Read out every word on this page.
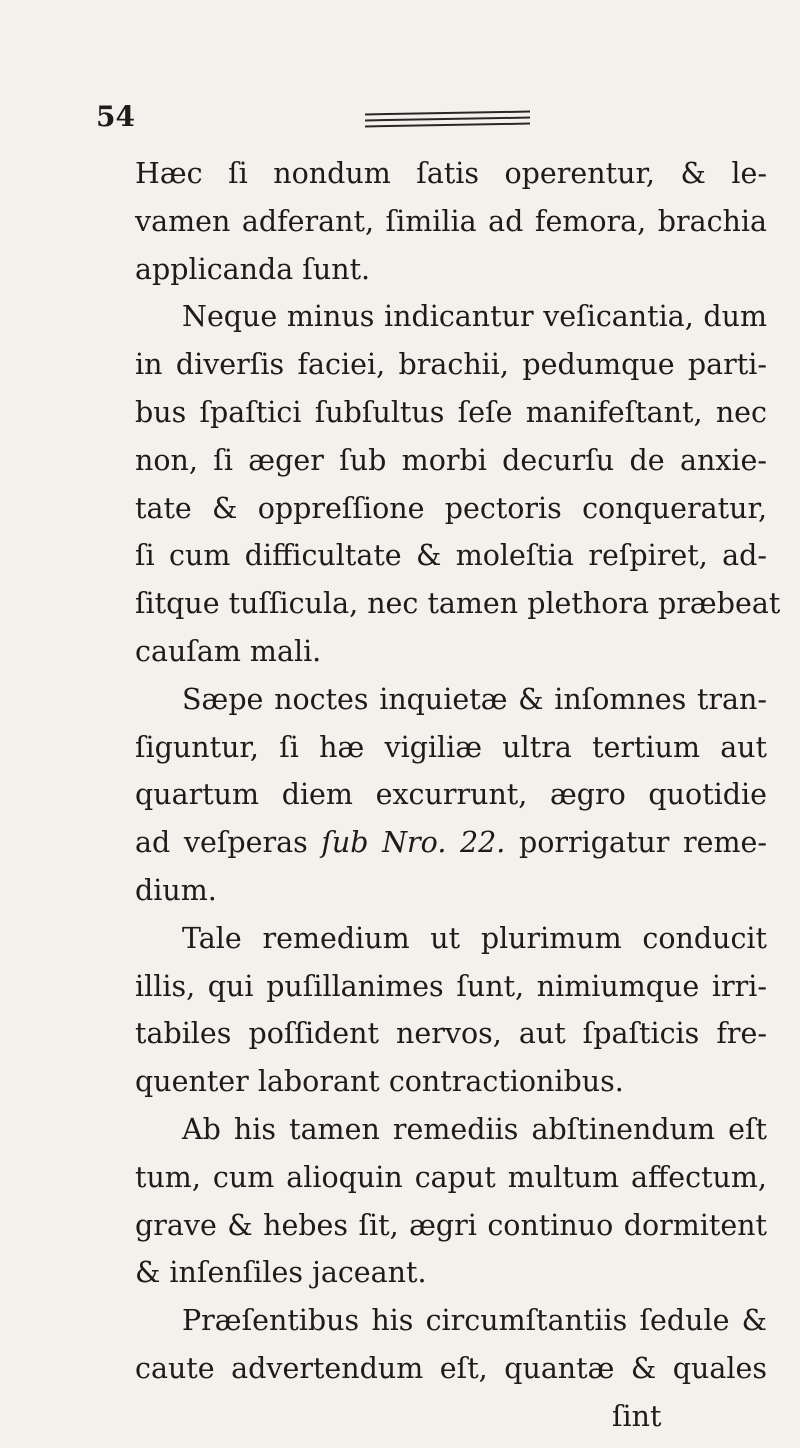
54
Hæc ſi nondum ſatis operentur, & le-
vamen adferant, ſimilia ad femora, brachia
applicanda ſunt.
Neque minus indicantur veſicantia, dum
in diverſis faciei, brachii, pedumque parti-
bus ſpaſtici ſubſultus ſeſe manifeſtant, nec
non, ſi æger ſub morbi decurſu de anxie-
tate & oppreſſione pectoris conqueratur,
ſi cum difficultate & moleſtia reſpiret, ad-
ſitque tuſſicula, nec tamen plethora præbeat
cauſam mali.
Sæpe noctes inquietæ & inſomnes tran-
ſiguntur, ſi hæ vigiliæ ultra tertium aut
quartum diem excurrunt, ægro quotidie
ad veſperas ſub Nro. 22. porrigatur reme-
dium.
Tale remedium ut plurimum conducit
illis, qui puſillanimes ſunt, nimiumque irri-
tabiles poſſident nervos, aut ſpaſticis fre-
quenter laborant contractionibus.
Ab his tamen remediis abſtinendum eſt
tum, cum alioquin caput multum affectum,
grave & hebes ſit, ægri continuo dormitent
& inſenſiles jaceant.
Præſentibus his circumſtantiis ſedule &
caute advertendum eſt, quantæ & quales
ſint
